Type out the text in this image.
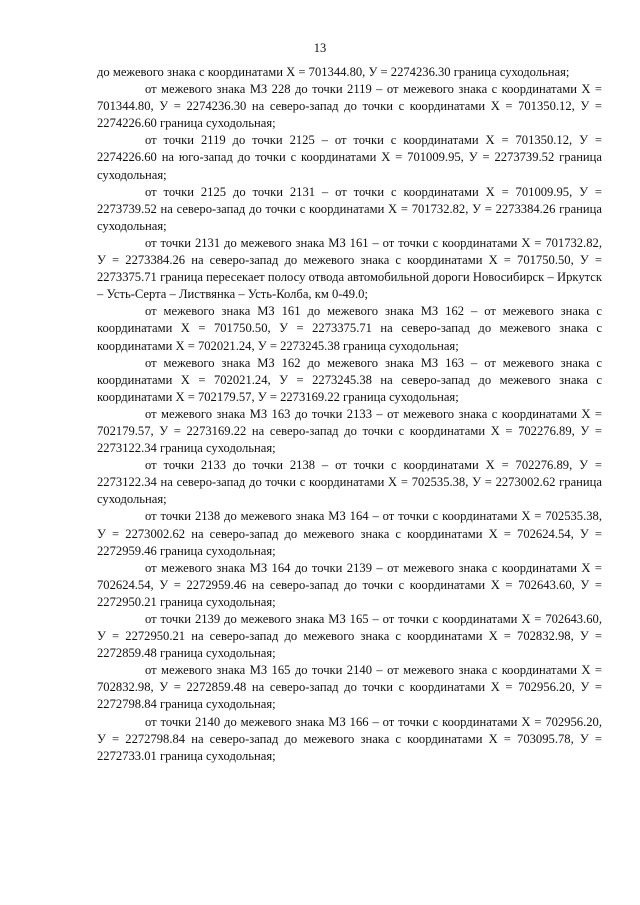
13

до межевого знака с координатами Х = 701344.80, У = 2274236.30 граница суходольная;

от межевого знака МЗ 228 до точки 2119 – от межевого знака с координатами Х = 701344.80, У = 2274236.30 на северо-запад до точки с координатами Х = 701350.12, У = 2274226.60 граница суходольная;

от точки 2119 до точки 2125 – от точки с координатами Х = 701350.12, У = 2274226.60 на юго-запад до точки с координатами Х = 701009.95, У = 2273739.52 граница суходольная;

от точки 2125 до точки 2131 – от точки с координатами Х = 701009.95, У = 2273739.52 на северо-запад до точки с координатами Х = 701732.82, У = 2273384.26 граница суходольная;

от точки 2131 до межевого знака МЗ 161 – от точки с координатами Х = 701732.82, У = 2273384.26 на северо-запад до межевого знака с координатами Х = 701750.50, У = 2273375.71 граница пересекает полосу отвода автомобильной дороги Новосибирск – Иркутск – Усть-Серта – Листвянка – Усть-Колба, км 0-49.0;

от межевого знака МЗ 161 до межевого знака МЗ 162 – от межевого знака с координатами Х = 701750.50, У = 2273375.71 на северо-запад до межевого знака с координатами Х = 702021.24, У = 2273245.38 граница суходольная;

от межевого знака МЗ 162 до межевого знака МЗ 163 – от межевого знака с координатами Х = 702021.24, У = 2273245.38 на северо-запад до межевого знака с координатами Х = 702179.57, У = 2273169.22 граница суходольная;

от межевого знака МЗ 163 до точки 2133 – от межевого знака с координатами Х = 702179.57, У = 2273169.22 на северо-запад до точки с координатами Х = 702276.89, У = 2273122.34 граница суходольная;

от точки 2133 до точки 2138 – от точки с координатами Х = 702276.89, У = 2273122.34 на северо-запад до точки с координатами Х = 702535.38, У = 2273002.62 граница суходольная;

от точки 2138 до межевого знака МЗ 164 – от точки с координатами Х = 702535.38, У = 2273002.62 на северо-запад до межевого знака с координатами Х = 702624.54, У = 2272959.46 граница суходольная;

от межевого знака МЗ 164 до точки 2139 – от межевого знака с координатами Х = 702624.54, У = 2272959.46 на северо-запад до точки с координатами Х = 702643.60, У = 2272950.21 граница суходольная;

от точки 2139 до межевого знака МЗ 165 – от точки с координатами Х = 702643.60, У = 2272950.21 на северо-запад до межевого знака с координатами Х = 702832.98, У = 2272859.48 граница суходольная;

от межевого знака МЗ 165 до точки 2140 – от межевого знака с координатами Х = 702832.98, У = 2272859.48 на северо-запад до точки с координатами Х = 702956.20, У = 2272798.84 граница суходольная;

от точки 2140 до межевого знака МЗ 166 – от точки с координатами Х = 702956.20, У = 2272798.84 на северо-запад до межевого знака с координатами Х = 703095.78, У = 2272733.01 граница суходольная;
